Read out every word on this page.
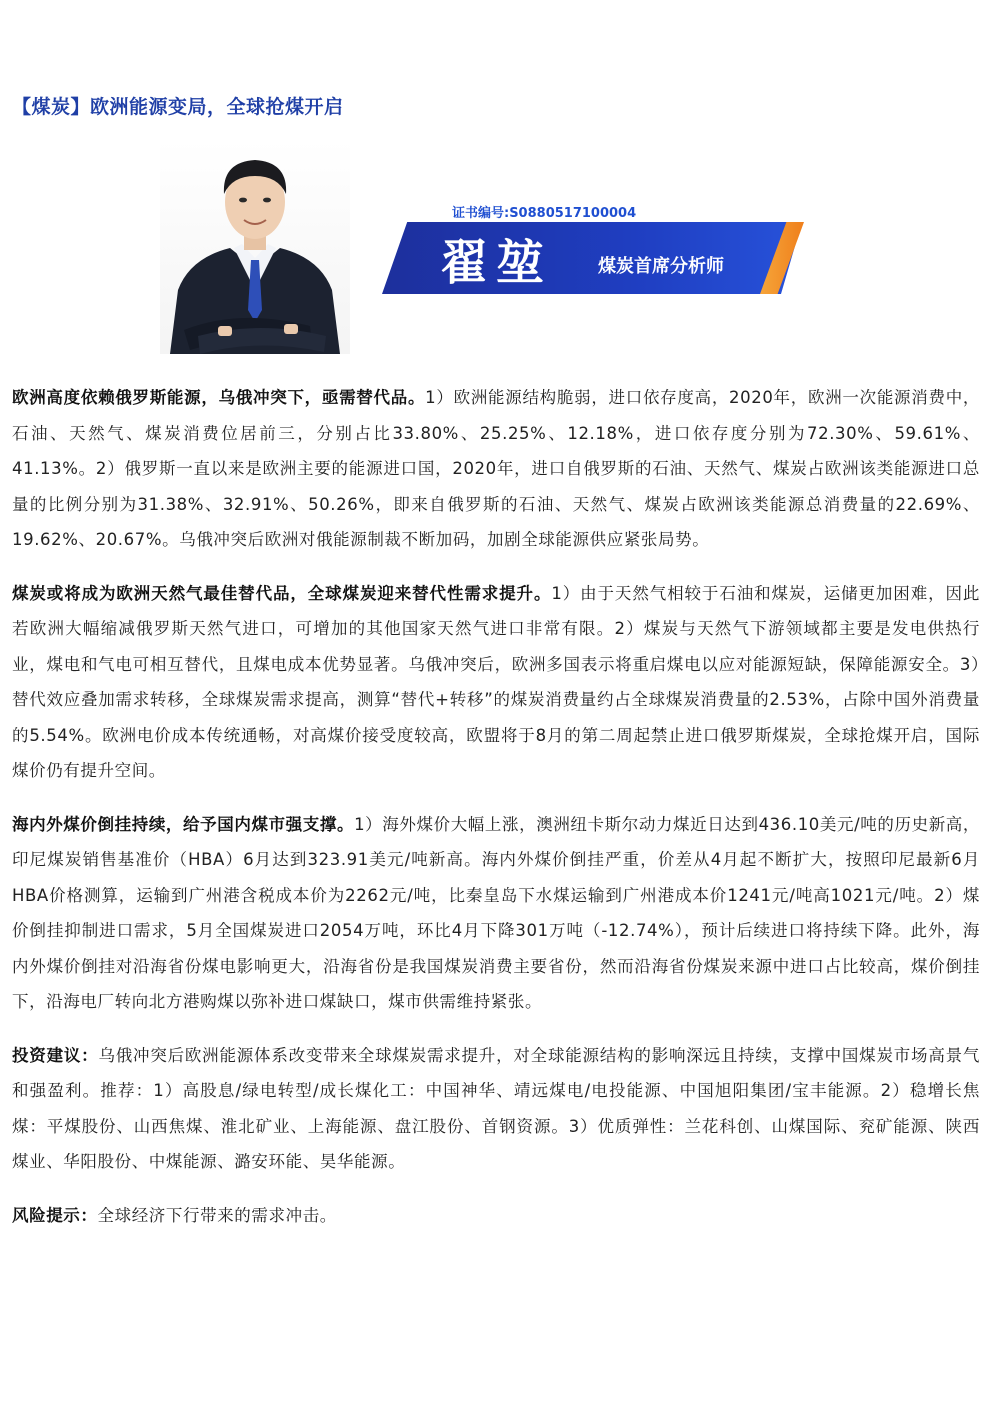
【煤炭】欧洲能源变局，全球抢煤开启
证书编号:S0880517100004
翟堃	煤炭首席分析师

欧洲高度依赖俄罗斯能源，乌俄冲突下，亟需替代品。1）欧洲能源结构脆弱，进口依存度高，2020年，欧洲一次能源消费中，石油、天然气、煤炭消费位居前三，分别占比33.80%、25.25%、12.18%，进口依存度分别为72.30%、59.61%、41.13%。2）俄罗斯一直以来是欧洲主要的能源进口国，2020年，进口自俄罗斯的石油、天然气、煤炭占欧洲该类能源进口总量的比例分别为31.38%、32.91%、50.26%，即来自俄罗斯的石油、天然气、煤炭占欧洲该类能源总消费量的22.69%、19.62%、20.67%。乌俄冲突后欧洲对俄能源制裁不断加码，加剧全球能源供应紧张局势。

煤炭或将成为欧洲天然气最佳替代品，全球煤炭迎来替代性需求提升。1）由于天然气相较于石油和煤炭，运储更加困难，因此若欧洲大幅缩减俄罗斯天然气进口，可增加的其他国家天然气进口非常有限。2）煤炭与天然气下游领域都主要是发电供热行业，煤电和气电可相互替代，且煤电成本优势显著。乌俄冲突后，欧洲多国表示将重启煤电以应对能源短缺，保障能源安全。3）替代效应叠加需求转移，全球煤炭需求提高，测算“替代+转移”的煤炭消费量约占全球煤炭消费量的2.53%，占除中国外消费量的5.54%。欧洲电价成本传统通畅，对高煤价接受度较高，欧盟将于8月的第二周起禁止进口俄罗斯煤炭，全球抢煤开启，国际煤价仍有提升空间。

海内外煤价倒挂持续，给予国内煤市强支撑。1）海外煤价大幅上涨，澳洲纽卡斯尔动力煤近日达到436.10美元/吨的历史新高，印尼煤炭销售基准价（HBA）6月达到323.91美元/吨新高。海内外煤价倒挂严重，价差从4月起不断扩大，按照印尼最新6月HBA价格测算，运输到广州港含税成本价为2262元/吨，比秦皇岛下水煤运输到广州港成本价1241元/吨高1021元/吨。2）煤价倒挂抑制进口需求，5月全国煤炭进口2054万吨，环比4月下降301万吨（-12.74%），预计后续进口将持续下降。此外，海内外煤价倒挂对沿海省份煤电影响更大，沿海省份是我国煤炭消费主要省份，然而沿海省份煤炭来源中进口占比较高，煤价倒挂下，沿海电厂转向北方港购煤以弥补进口煤缺口，煤市供需维持紧张。

投资建议：乌俄冲突后欧洲能源体系改变带来全球煤炭需求提升，对全球能源结构的影响深远且持续，支撑中国煤炭市场高景气和强盈利。推荐：1）高股息/绿电转型/成长煤化工：中国神华、靖远煤电/电投能源、中国旭阳集团/宝丰能源。2）稳增长焦煤：平煤股份、山西焦煤、淮北矿业、上海能源、盘江股份、首钢资源。3）优质弹性：兰花科创、山煤国际、兖矿能源、陕西煤业、华阳股份、中煤能源、潞安环能、昊华能源。

风险提示：全球经济下行带来的需求冲击。
